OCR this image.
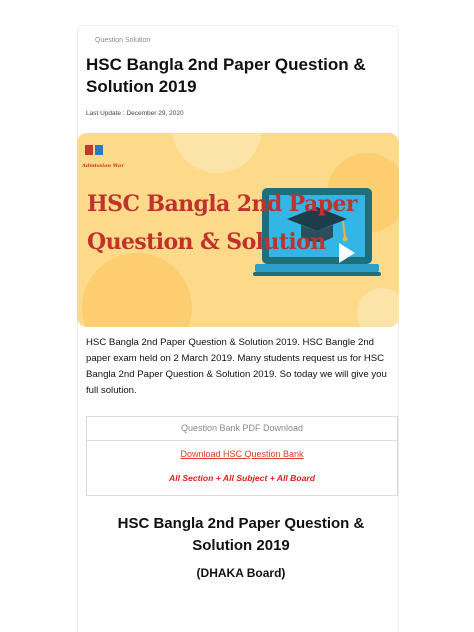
Question Solution
HSC Bangla 2nd Paper Question & Solution 2019
Last Update : December 29, 2020
Admission War
HSC Bangla 2nd Paper
Question & Solution
HSC Bangla 2nd Paper Question & Solution 2019. HSC Bangle 2nd paper exam held on 2 March 2019. Many students request us for HSC Bangla 2nd Paper Question & Solution 2019. So today we will give you full solution.
Question Bank PDF Download
Download HSC Question Bank
All Section + All Subject + All Board
HSC Bangla 2nd Paper Question & Solution 2019
(DHAKA Board)
